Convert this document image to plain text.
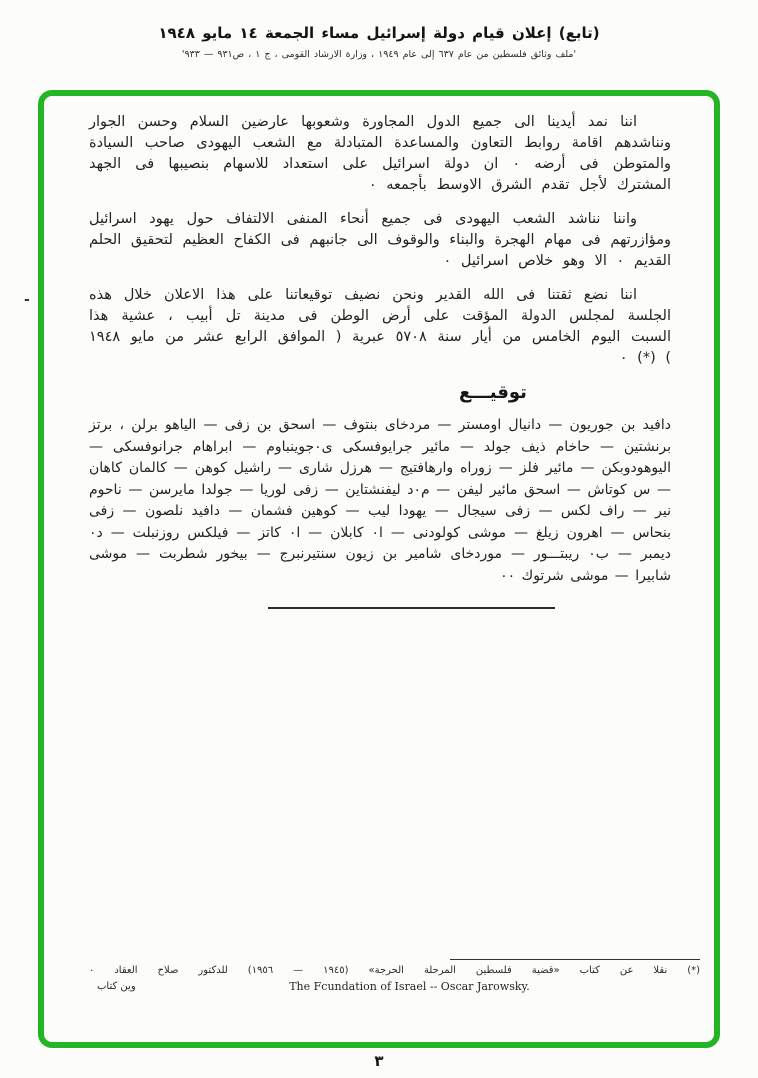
(تابع) إعلان قيام دولة إسرائيل مساء الجمعة ١٤ مايو ١٩٤٨
'ملف وثائق فلسطين من عام ٦٣٧ إلى عام ١٩٤٩ ، وزارة الارشاد القومى ، ج ١ ، ص٩٣١ — ٩٣٣'

اننا نمد أيدينا الى جميع الدول المجاورة وشعوبها عارضين السلام وحسن الجوار ونناشدهم اقامة روابط التعاون والمساعدة المتبادلة مع الشعب اليهودى صاحب السيادة والمتوطن فى أرضه ٠ ان دولة اسرائيل على استعداد للاسهام بنصيبها فى الجهد المشترك لأجل تقدم الشرق الاوسط بأجمعه ٠

واننا نناشد الشعب اليهودى فى جميع أنحاء المنفى الالتفاف حول يهود اسرائيل ومؤازرتهم فى مهام الهجرة والبناء والوقوف الى جانبهم فى الكفاح العظيم لتحقيق الحلم القديم ٠ الا وهو خلاص اسرائيل ٠

اننا نضع ثقتنا فى الله القدير ونحن نضيف توقيعاتنا على هذا الاعلان خلال هذه الجلسة لمجلس الدولة المؤقت على أرض الوطن فى مدينة تل أبيب ، عشية هذا السبت اليوم الخامس من أيار سنة ٥٧٠٨ عبرية ( الموافق الرابع عشر من مايو ١٩٤٨ ) (*) ٠

توقيـــع

دافيد بن جوريون — دانيال اومستر — مردخاى بنتوف — اسحق بن زفى — الياهو برلن ، برتز برنشتين — حاخام ذيف جولد — مائير جرايوفسكى ى٠جوينباوم — ابراهام جرانوفسكى — اليوهودوبكن — مائير فلز — زوراه وارهافتيج — هرزل شارى — راشيل كوهن — كالمان كاهان — س كوتاش — اسحق مائير ليفن — م٠د ليفنشتاين — زفى لوريا — جولدا مايرسن — ناحوم نير — راف لكس — زفى سيجال — يهودا ليب — كوهين فشمان — دافيد نلصون — زفى بنحاس — اهرون زيلغ — موشى كولودنى — ا٠ كابلان — ا٠ كاتز — فيلكس روزنبلت — د٠ ديمبر — ب٠ ريبتـــور — موردخاى شامير بن زيون سنتيرنبرج — بيخور شطربت — موشى شابيرا — موشى شرتوك ٠٠

(*) نقلا عن كتاب «قضية فلسطين المرحلة الحرجة» (١٩٤٥ — ١٩٥٦) للدكتور صلاح العقاد ٠

وين كتاب	The Fcundation of Israel -- Oscar Jarowsky.
-
٣
